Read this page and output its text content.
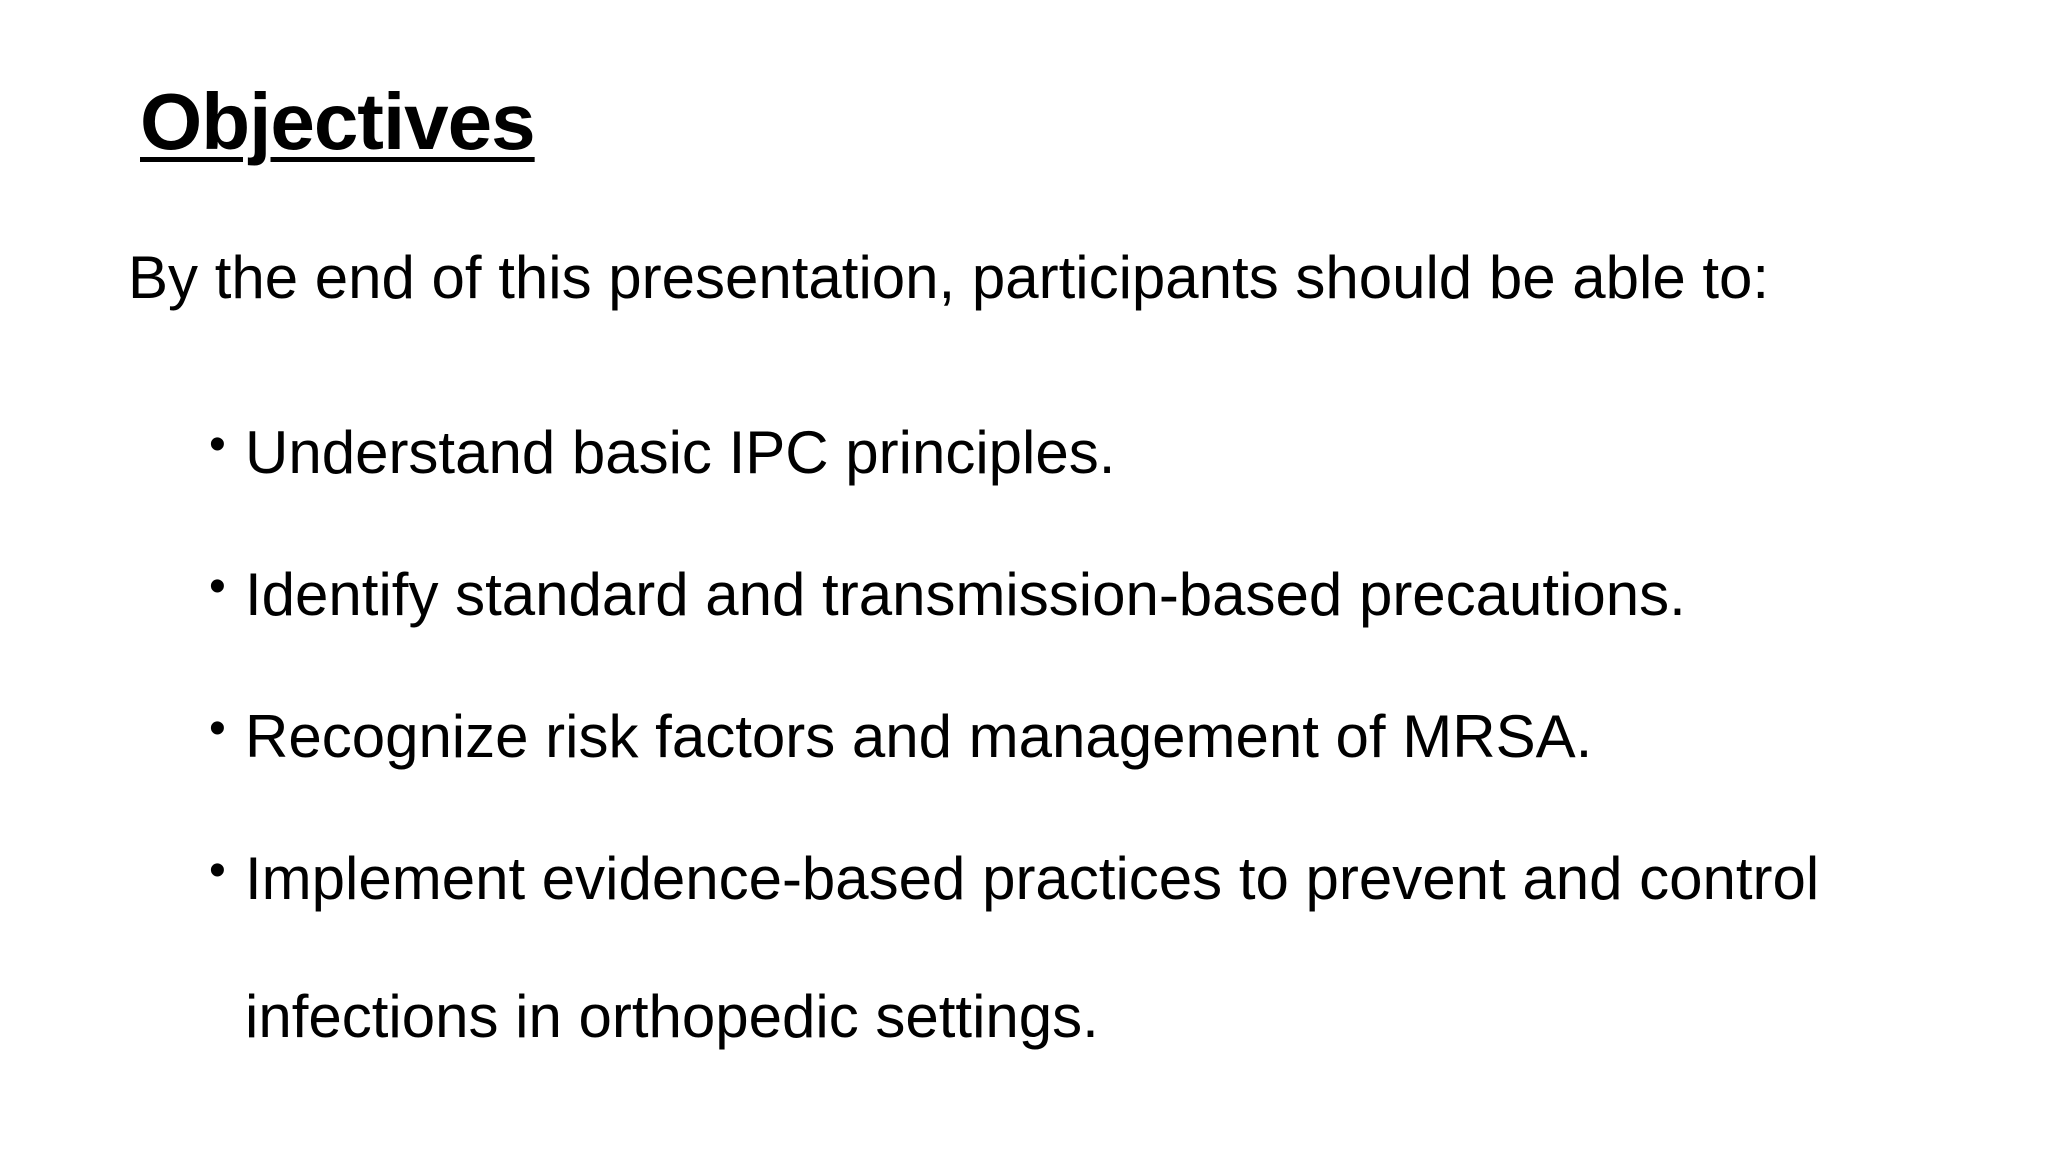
Objectives

By the end of this presentation, participants should be able to:

• Understand basic IPC principles.
• Identify standard and transmission-based precautions.
• Recognize risk factors and management of MRSA.
• Implement evidence-based practices to prevent and control infections in orthopedic settings.
